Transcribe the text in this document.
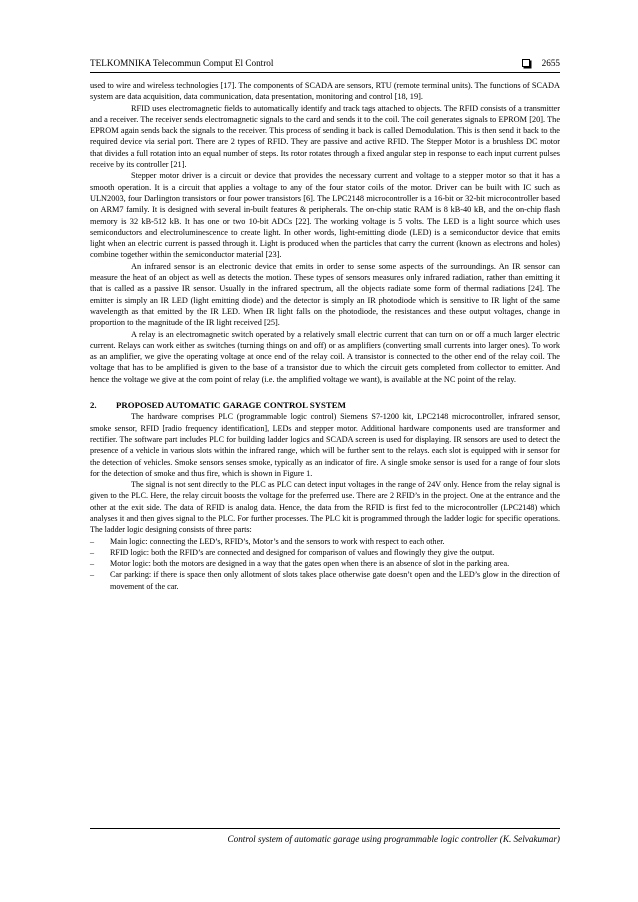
TELKOMNIKA Telecommun Comput El Control	2655

used to wire and wireless technologies [17]. The components of SCADA are sensors, RTU (remote terminal units). The functions of SCADA system are data acquisition, data communication, data presentation, monitoring and control [18, 19].

RFID uses electromagnetic fields to automatically identify and track tags attached to objects. The RFID consists of a transmitter and a receiver. The receiver sends electromagnetic signals to the card and sends it to the coil. The coil generates signals to EPROM [20]. The EPROM again sends back the signals to the receiver. This process of sending it back is called Demodulation. This is then send it back to the required device via serial port. There are 2 types of RFID. They are passive and active RFID. The Stepper Motor is a brushless DC motor that divides a full rotation into an equal number of steps. Its rotor rotates through a fixed angular step in response to each input current pulses receive by its controller [21].

Stepper motor driver is a circuit or device that provides the necessary current and voltage to a stepper motor so that it has a smooth operation. It is a circuit that applies a voltage to any of the four stator coils of the motor. Driver can be built with IC such as ULN2003, four Darlington transistors or four power transistors [6]. The LPC2148 microcontroller is a 16-bit or 32-bit microcontroller based on ARM7 family. It is designed with several in-built features & peripherals. The on-chip static RAM is 8 kB-40 kB, and the on-chip flash memory is 32 kB-512 kB. It has one or two 10-bit ADCs [22]. The working voltage is 5 volts. The LED is a light source which uses semiconductors and electroluminescence to create light. In other words, light-emitting diode (LED) is a semiconductor device that emits light when an electric current is passed through it. Light is produced when the particles that carry the current (known as electrons and holes) combine together within the semiconductor material [23].

An infrared sensor is an electronic device that emits in order to sense some aspects of the surroundings. An IR sensor can measure the heat of an object as well as detects the motion. These types of sensors measures only infrared radiation, rather than emitting it that is called as a passive IR sensor. Usually in the infrared spectrum, all the objects radiate some form of thermal radiations [24]. The emitter is simply an IR LED (light emitting diode) and the detector is simply an IR photodiode which is sensitive to IR light of the same wavelength as that emitted by the IR LED. When IR light falls on the photodiode, the resistances and these output voltages, change in proportion to the magnitude of the IR light received [25].

A relay is an electromagnetic switch operated by a relatively small electric current that can turn on or off a much larger electric current. Relays can work either as switches (turning things on and off) or as amplifiers (converting small currents into larger ones). To work as an amplifier, we give the operating voltage at once end of the relay coil. A transistor is connected to the other end of the relay coil. The voltage that has to be amplified is given to the base of a transistor due to which the circuit gets completed from collector to emitter. And hence the voltage we give at the com point of relay (i.e. the amplified voltage we want), is available at the NC point of the relay.

2.	PROPOSED AUTOMATIC GARAGE CONTROL SYSTEM

The hardware comprises PLC (programmable logic control) Siemens S7-1200 kit, LPC2148 microcontroller, infrared sensor, smoke sensor, RFID [radio frequency identification], LEDs and stepper motor. Additional hardware components used are transformer and rectifier. The software part includes PLC for building ladder logics and SCADA screen is used for displaying. IR sensors are used to detect the presence of a vehicle in various slots within the infrared range, which will be further sent to the relays. each slot is equipped with ir sensor for the detection of vehicles. Smoke sensors senses smoke, typically as an indicator of fire. A single smoke sensor is used for a range of four slots for the detection of smoke and thus fire, which is shown in Figure 1.

The signal is not sent directly to the PLC as PLC can detect input voltages in the range of 24V only. Hence from the relay signal is given to the PLC. Here, the relay circuit boosts the voltage for the preferred use. There are 2 RFID’s in the project. One at the entrance and the other at the exit side. The data of RFID is analog data. Hence, the data from the RFID is first fed to the microcontroller (LPC2148) which analyses it and then gives signal to the PLC. For further processes. The PLC kit is programmed through the ladder logic for specific operations. The ladder logic designing consists of three parts:

– Main logic: connecting the LED’s, RFID’s, Motor’s and the sensors to work with respect to each other.
– RFID logic: both the RFID’s are connected and designed for comparison of values and flowingly they give the output.
– Motor logic: both the motors are designed in a way that the gates open when there is an absence of slot in the parking area.
– Car parking: if there is space then only allotment of slots takes place otherwise gate doesn’t open and the LED’s glow in the direction of movement of the car.
Control system of automatic garage using programmable logic controller (K. Selvakumar)
